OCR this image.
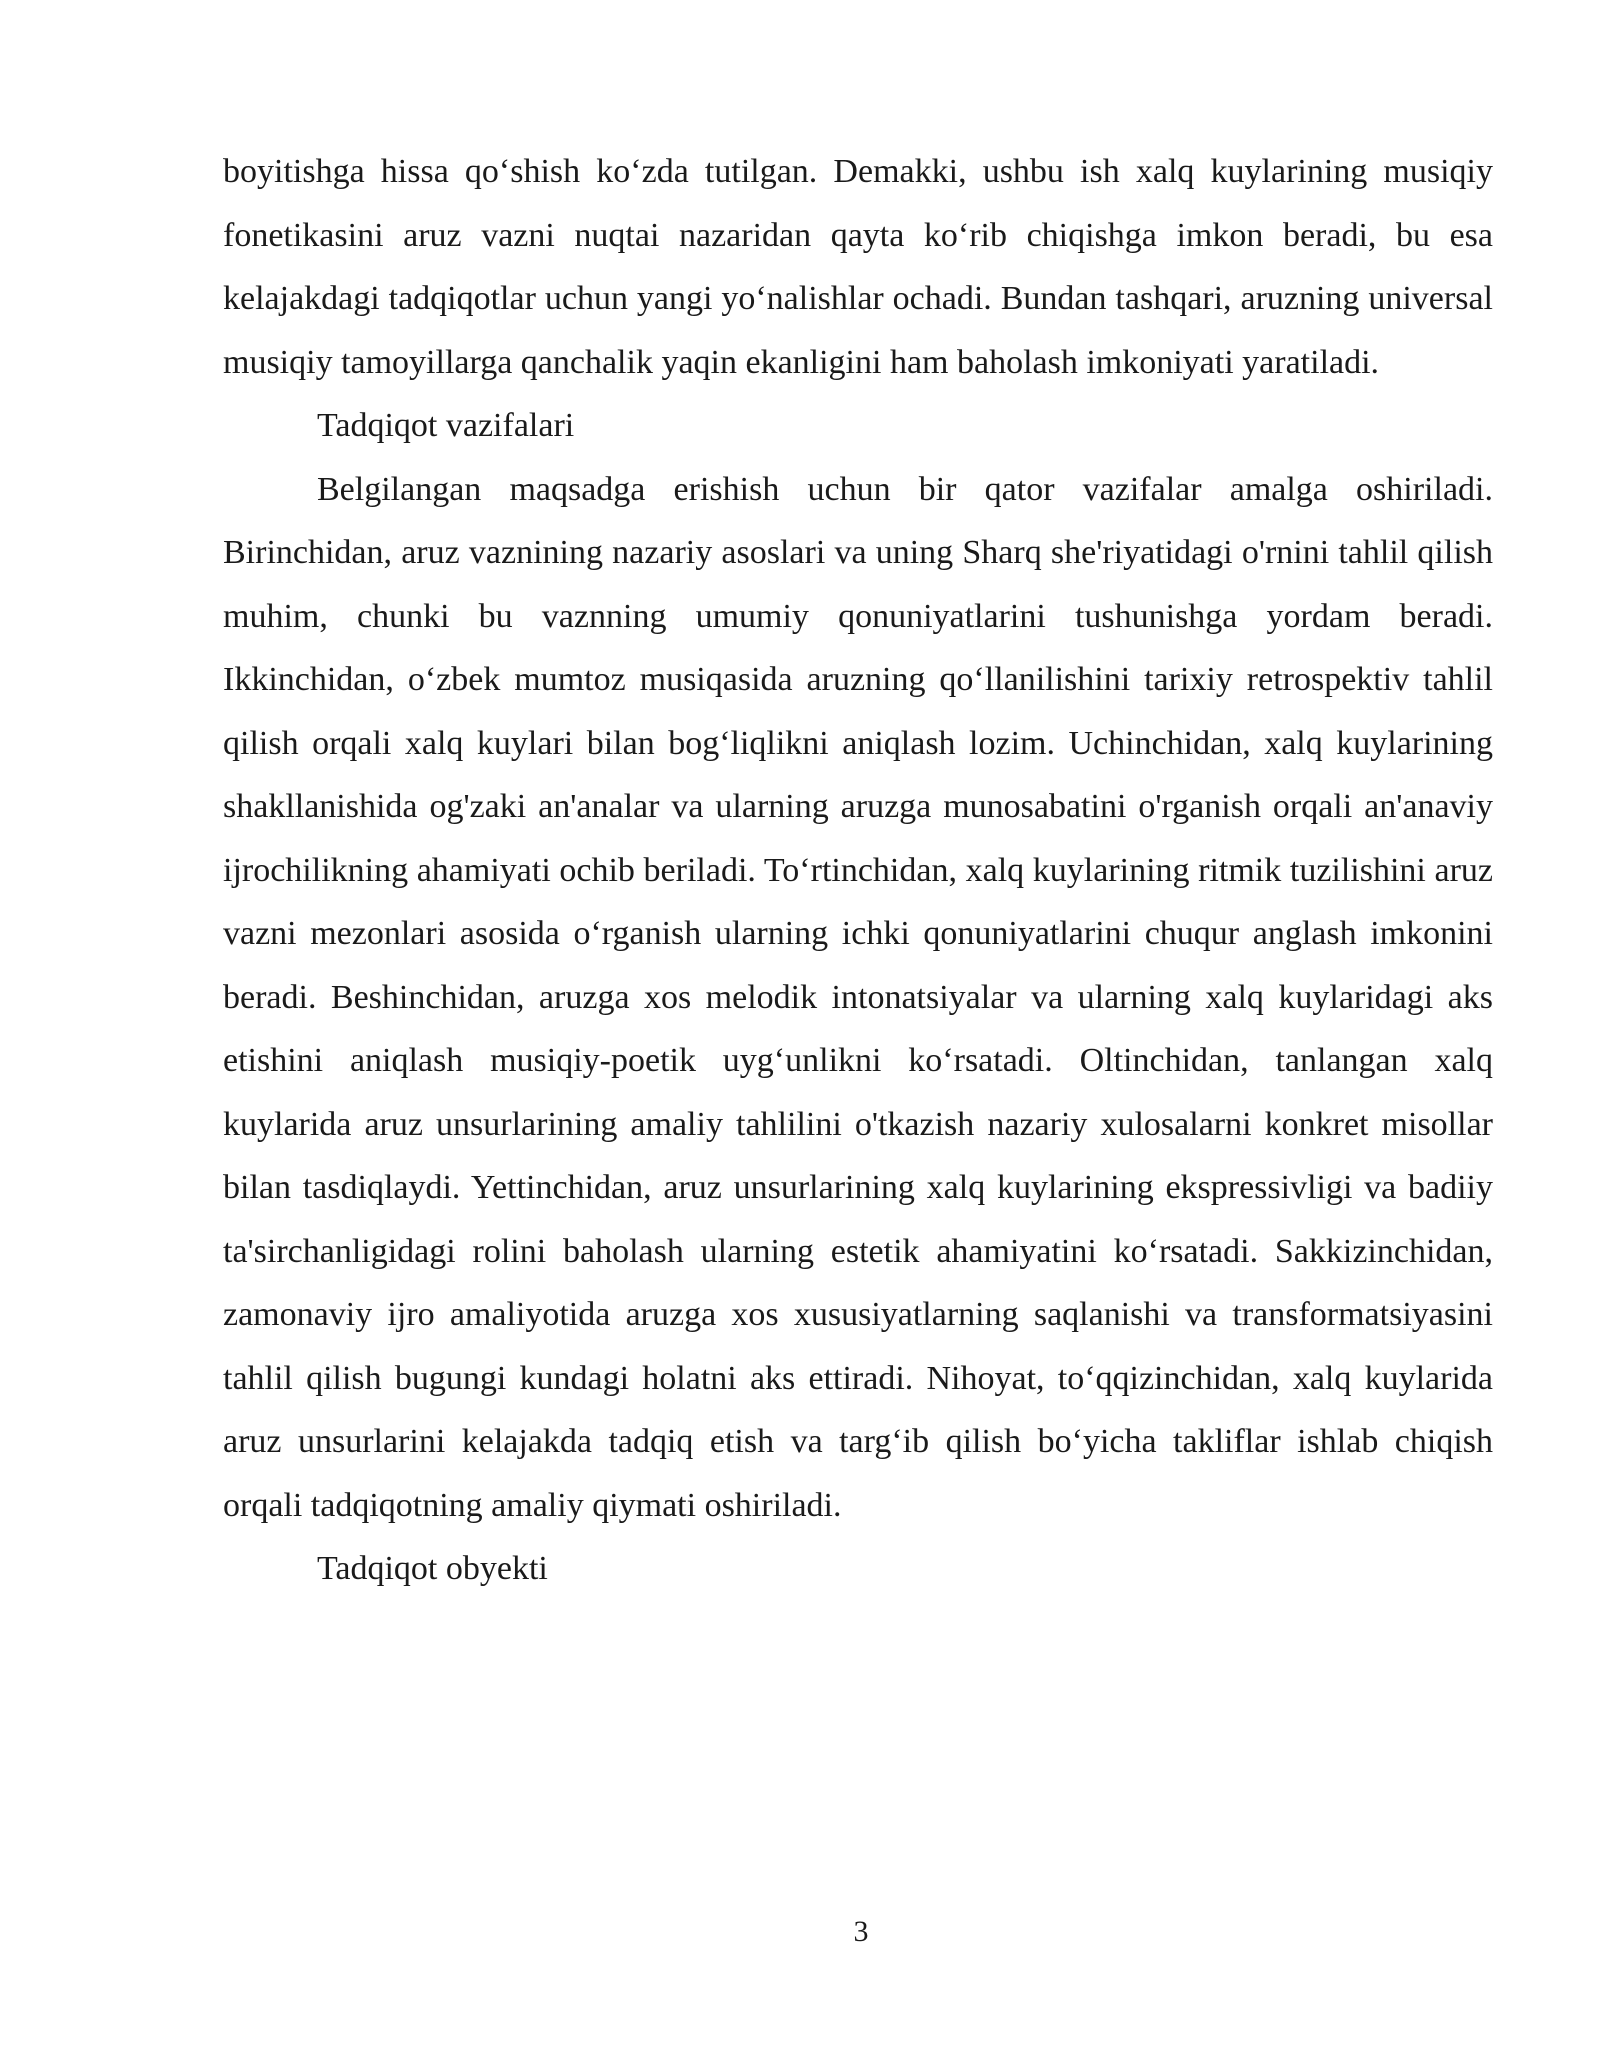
boyitishga hissa qo‘shish ko‘zda tutilgan. Demakki, ushbu ish xalq kuylarining musiqiy fonetikasini aruz vazni nuqtai nazaridan qayta ko‘rib chiqishga imkon beradi, bu esa kelajakdagi tadqiqotlar uchun yangi yo‘nalishlar ochadi. Bundan tashqari, aruzning universal musiqiy tamoyillarga qanchalik yaqin ekanligini ham baholash imkoniyati yaratiladi.

Tadqiqot vazifalari

Belgilangan maqsadga erishish uchun bir qator vazifalar amalga oshiriladi. Birinchidan, aruz vaznining nazariy asoslari va uning Sharq she'riyatidagi o'rnini tahlil qilish muhim, chunki bu vaznning umumiy qonuniyatlarini tushunishga yordam beradi. Ikkinchidan, o‘zbek mumtoz musiqasida aruzning qo‘llanilishini tarixiy retrospektiv tahlil qilish orqali xalq kuylari bilan bog‘liqlikni aniqlash lozim. Uchinchidan, xalq kuylarining shakllanishida og'zaki an'analar va ularning aruzga munosabatini o'rganish orqali an'anaviy ijrochilikning ahamiyati ochib beriladi. To‘rtinchidan, xalq kuylarining ritmik tuzilishini aruz vazni mezonlari asosida o‘rganish ularning ichki qonuniyatlarini chuqur anglash imkonini beradi. Beshinchidan, aruzga xos melodik intonatsiyalar va ularning xalq kuylaridagi aks etishini aniqlash musiqiy-poetik uyg‘unlikni ko‘rsatadi. Oltinchidan, tanlangan xalq kuylarida aruz unsurlarining amaliy tahlilini o'tkazish nazariy xulosalarni konkret misollar bilan tasdiqlaydi. Yettinchidan, aruz unsurlarining xalq kuylarining ekspressivligi va badiiy ta'sirchanligidagi rolini baholash ularning estetik ahamiyatini ko‘rsatadi. Sakkizinchidan, zamonaviy ijro amaliyotida aruzga xos xususiyatlarning saqlanishi va transformatsiyasini tahlil qilish bugungi kundagi holatni aks ettiradi. Nihoyat, to‘qqizinchidan, xalq kuylarida aruz unsurlarini kelajakda tadqiq etish va targ‘ib qilish bo‘yicha takliflar ishlab chiqish orqali tadqiqotning amaliy qiymati oshiriladi.

Tadqiqot obyekti

3
